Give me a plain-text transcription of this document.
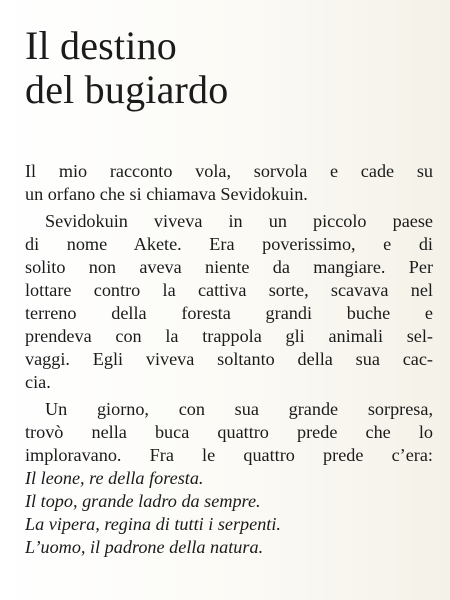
Il destino
del bugiardo
Il mio racconto vola, sorvola e cade su
un orfano che si chiamava Sevidokuin.
Sevidokuin viveva in un piccolo paese
di nome Akete. Era poverissimo, e di
solito non aveva niente da mangiare. Per
lottare contro la cattiva sorte, scavava nel
terreno della foresta grandi buche e
prendeva con la trappola gli animali sel-
vaggi. Egli viveva soltanto della sua cac-
cia.
Un giorno, con sua grande sorpresa,
trovò nella buca quattro prede che lo
imploravano. Fra le quattro prede c’era:
Il leone, re della foresta.
Il topo, grande ladro da sempre.
La vipera, regina di tutti i serpenti.
L’uomo, il padrone della natura.
